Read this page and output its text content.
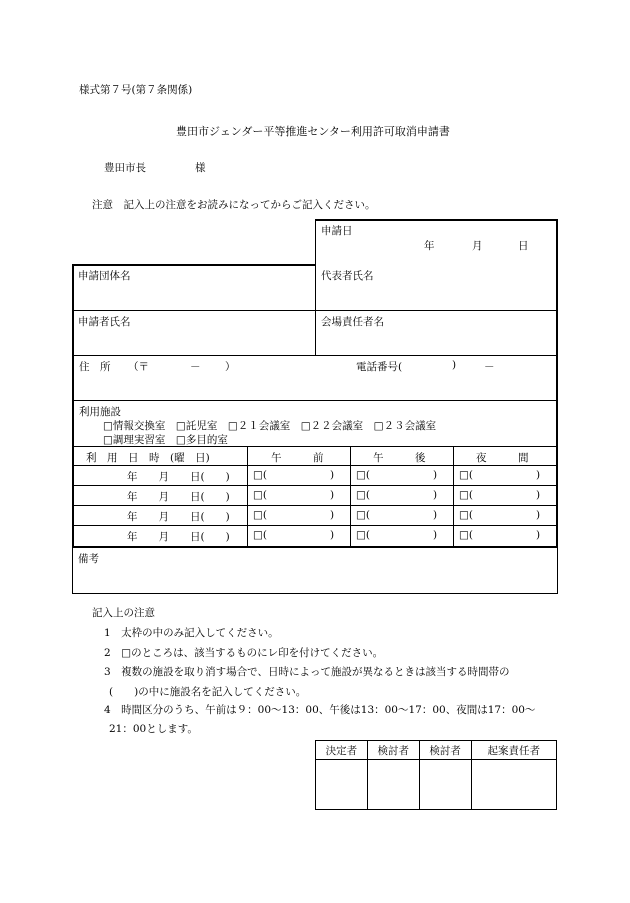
様式第７号(第７条関係)
豊田市ジェンダー平等推進センター利用許可取消申請書
豊田市長	様
注意　記入上の注意をお読みになってからご記入ください。
申請日
年	月	日
申請団体名	代表者氏名
申請者氏名	会場責任者名
住　所 （〒	－ ）	電話番号(	)	－
利用施設
□情報交換室　□託児室　□２１会議室　□２２会議室　□２３会議室
□調理実習室　□多目的室
利　用　日　時　(曜　日)	午　　　前	午　　　後	夜　　　間
年　　月　　日(　　) □(	) □(	) □(	)
年　　月　　日(　　) □(	) □(	) □(	)
年　　月　　日(　　) □(	) □(	) □(	)
年　　月　　日(　　) □(	) □(	) □(	)
備考
記入上の注意
1　太枠の中のみ記入してください。
2　□のところは、該当するものにレ印を付けてください。
3　複数の施設を取り消す場合で、日時によって施設が異なるときは該当する時間帯の
(　　)の中に施設名を記入してください。
4　時間区分のうち、午前は９：00～13：00、午後は13：00～17：00、夜間は17：00～
21：00とします。
決定者	検討者	検討者	起案責任者
